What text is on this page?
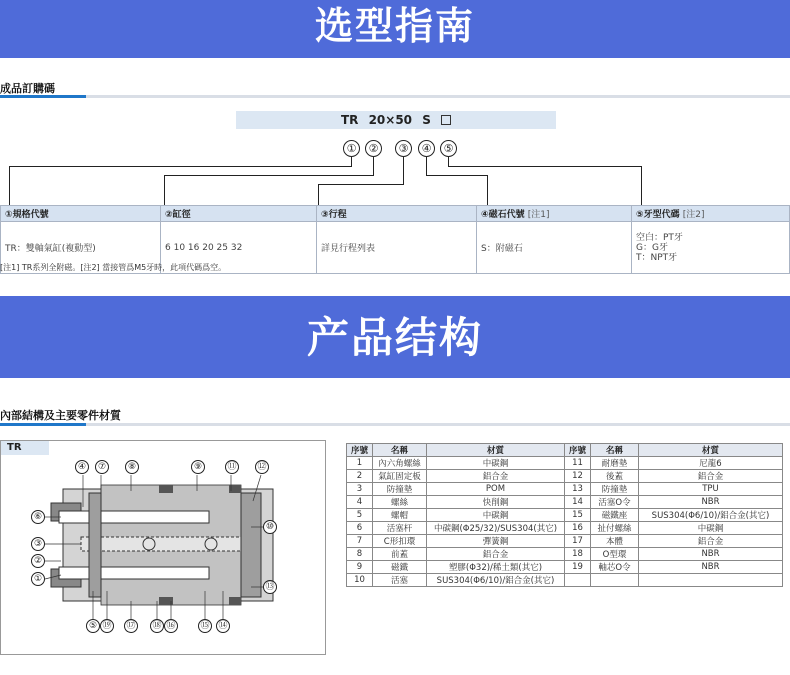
选型指南
成品訂購碼
TR 20×50 S
①	②	③	④	⑤
①規格代號	②缸徑	③行程	④磁石代號 [注1]	⑤牙型代碼 [注2]
TR：雙軸氣缸(複動型)	6 10 16 20 25 32	詳見行程列表	S：附磁石	空白：PT牙
G：G牙
T：NPT牙
[注1] TR系列全附磁。[注2] 當接管爲M5牙時，此項代碼爲空。
产品结构
內部結構及主要零件材質
TR
④	⑦	⑧	⑨	⑪ ⑫
⑥
⑩
③
②
①
⑬
⑤ ⑲ ⑰ ⑱ ⑯	⑮ ⑭
序號	名稱	材質	序號	名稱	材質
1	內六角螺絲	中碳鋼	11	耐磨墊	尼龍6
2	氣缸固定板	鋁合金	12	後蓋	鋁合金
3	防撞墊	POM	13	防撞墊	TPU
4	螺絲	快削鋼	14	活塞O令	NBR
5	螺帽	中碳鋼	15	磁鐵座	SUS304(Φ6/10)/鋁合金(其它)
6	活塞杆	中碳鋼(Φ25/32)/SUS304(其它)	16	扯付螺絲	中碳鋼
7	C形扣環	彈簧鋼	17	本體	鋁合金
8	前蓋	鋁合金	18	O型環	NBR
9	磁鐵	塑膠(Φ32)/稀土類(其它)	19	軸芯O令	NBR
10	活塞	SUS304(Φ6/10)/鋁合金(其它)			
